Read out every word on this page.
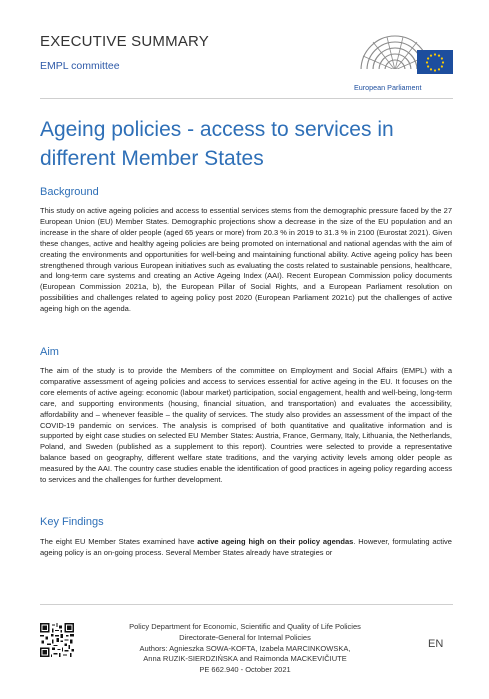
EXECUTIVE SUMMARY
EMPL committee
European Parliament
Ageing policies - access to services in different Member States
Background

This study on active ageing policies and access to essential services stems from the demographic pressure faced by the 27 European Union (EU) Member States. Demographic projections show a decrease in the size of the EU population and an increase in the share of older people (aged 65 years or more) from 20.3 % in 2019 to 31.3 % in 2100 (Eurostat 2021). Given these changes, active and healthy ageing policies are being promoted on international and national agendas with the aim of creating the environments and opportunities for well-being and maintaining functional ability. Active ageing policy has been strengthened through various European initiatives such as evaluating the costs related to sustainable pensions, healthcare, and long-term care systems and creating an Active Ageing Index (AAI). Recent European Commission policy documents (European Commission 2021a, b), the European Pillar of Social Rights, and a European Parliament resolution on possibilities and challenges related to ageing policy post 2020 (European Parliament 2021c) put the challenges of active ageing high on the agenda.

Aim

The aim of the study is to provide the Members of the committee on Employment and Social Affairs (EMPL) with a comparative assessment of ageing policies and access to services essential for active ageing in the EU. It focuses on the core elements of active ageing: economic (labour market) participation, social engagement, health and well-being, long-term care, and supporting environments (housing, financial situation, and transportation) and evaluates the accessibility, affordability and – whenever feasible – the quality of services. The study also provides an assessment of the impact of the COVID-19 pandemic on services. The analysis is comprised of both quantitative and qualitative information and is supported by eight case studies on selected EU Member States: Austria, France, Germany, Italy, Lithuania, the Netherlands, Poland, and Sweden (published as a supplement to this report). Countries were selected to provide a representative balance based on geography, different welfare state traditions, and the varying activity levels among older people as measured by the AAI. The country case studies enable the identification of good practices in ageing policy regarding access to services and the challenges for further development.

Key Findings

The eight EU Member States examined have active ageing high on their policy agendas. However, formulating active ageing policy is an on-going process. Several Member States already have strategies or

Policy Department for Economic, Scientific and Quality of Life Policies
Directorate-General for Internal Policies
Authors: Agnieszka SOWA-KOFTA, Izabela MARCINKOWSKA,
Anna RUZIK-SIERDZIŃSKA and Raimonda MACKEVIČIUTE
PE 662.940 - October 2021
EN
